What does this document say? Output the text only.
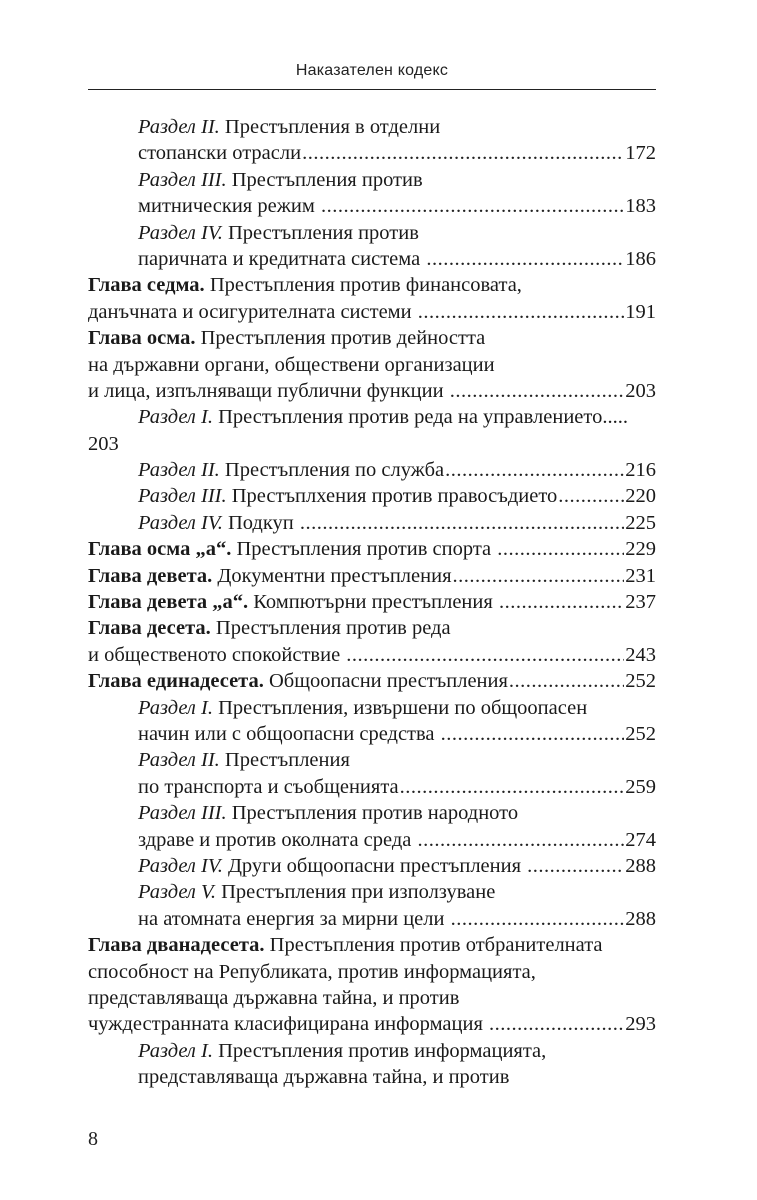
Наказателен кодекс
Раздел II. Престъпления в отделни
стопански отрасли .....	172
Раздел III. Престъпления против
митническия режим .....	183
Раздел IV. Престъпления против
паричната и кредитната система .....	186
Глава седма. Престъпления против финансовата,
данъчната и осигурителната системи .....	191
Глава осма. Престъпления против дейността
на държавни органи, обществени организации
и лица, изпълняващи публични функции .....	203
Раздел I. Престъпления против реда на управлението .....
203
Раздел II. Престъпления по служба .....	216
Раздел III. Престъплхения против правосъдието .....	220
Раздел IV. Подкуп .....	225
Глава осма „а“. Престъпления против спорта .....	229
Глава девета. Документни престъпления .....	231
Глава девета „а“. Компютърни престъпления .....	237
Глава десета. Престъпления против реда
и общественото спокойствие .....	243
Глава единадесета. Общоопасни престъпления .....	252
Раздел I. Престъпления, извършени по общоопасен
начин или с общоопасни средства .....	252
Раздел II. Престъпления
по транспорта и съобщенията .....	259
Раздел III. Престъпления против народното
здраве и против околната среда .....	274
Раздел IV. Други общоопасни престъпления .....	288
Раздел V. Престъпления при използуване
на атомната енергия за мирни цели .....	288
Глава дванадесета. Престъпления против отбранителната
способност на Републиката, против информацията,
представляваща държавна тайна, и против
чуждестранната класифицирана информация .....	293
Раздел I. Престъпления против информацията,
представляваща държавна тайна, и против
8
